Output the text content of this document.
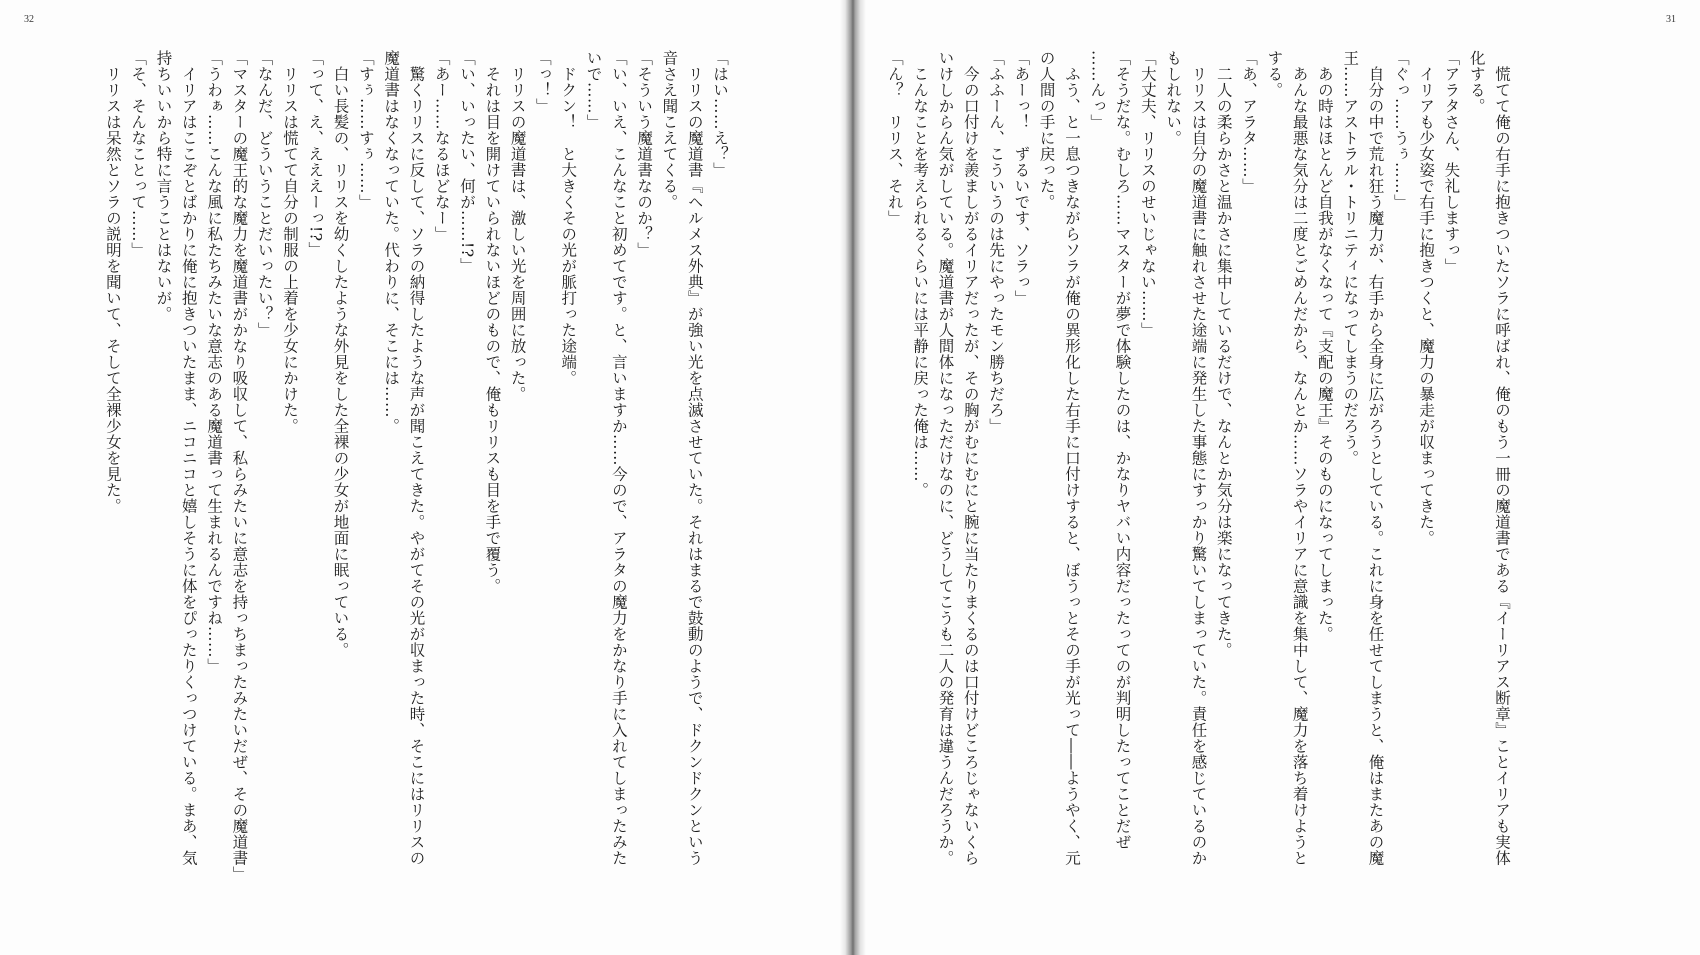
32
「はい……え？」
　リリスの魔道書『ヘルメス外典』が強い光を点滅させていた。それはまるで鼓動のようで、ドクンドクンという
音さえ聞こえてくる。
「そういう魔道書なのか？」
「い、いえ、こんなこと初めてです。と、言いますか……今ので、アラタの魔力をかなり手に入れてしまったみた
いで……」
　ドクン！　と大きくその光が脈打った途端。
「っ！」
　リリスの魔道書は、激しい光を周囲に放った。
　それは目を開けていられないほどのもので、俺もリリスも目を手で覆う。
「い、いったい、何が……!?」
「あー……なるほどなー」
　驚くリリスに反して、ソラの納得したような声が聞こえてきた。やがてその光が収まった時、そこにはリリスの
魔道書はなくなっていた。代わりに、そこには……。
「すぅ……すぅ……」
　白い長髪の、リリスを幼くしたような外見をした全裸の少女が地面に眠っている。
「って、え、えええーっ!?」
　リリスは慌てて自分の制服の上着を少女にかけた。
「なんだ、どういうことだいったい？」
「マスターの魔王的な魔力を魔道書がかなり吸収して、私らみたいに意志を持っちまったみたいだぜ、その魔道書」
「うわぁ……こんな風に私たちみたいな意志のある魔道書って生まれるんですね……」
　イリアはここぞとばかりに俺に抱きついたまま、ニコニコと嬉しそうに体をぴったりくっつけている。まあ、気
持ちいいから特に言うことはないが。
「そ、そんなことって……」
　リリスは呆然とソラの説明を聞いて、そして全裸少女を見た。
31
　慌てて俺の右手に抱きついたソラに呼ばれ、俺のもう一冊の魔道書である『イーリアス断章』ことイリアも実体
化する。
「アラタさん、失礼しますっ」
　イリアも少女姿で右手に抱きつくと、魔力の暴走が収まってきた。
「ぐっ……うぅ……」
　自分の中で荒れ狂う魔力が、右手から全身に広がろうとしている。これに身を任せてしまうと、俺はまたあの魔
王……アストラル・トリニティになってしまうのだろう。
　あの時はほとんど自我がなくなって『支配の魔王』そのものになってしまった。
　あんな最悪な気分は二度とごめんだから、なんとか……ソラやイリアに意識を集中して、魔力を落ち着けようと
する。
「あ、アラタ……」
　二人の柔らかさと温かさに集中しているだけで、なんとか気分は楽になってきた。
　リリスは自分の魔道書に触れさせた途端に発生した事態にすっかり驚いてしまっていた。責任を感じているのか
もしれない。
「大丈夫、リリスのせいじゃない……」
「そうだな。むしろ……マスターが夢で体験したのは、かなりヤバい内容だったってのが判明したってことだぜ
……んっ」
　ふう、と一息つきながらソラが俺の異形化した右手に口付けすると、ぼうっとその手が光って――ようやく、元
の人間の手に戻った。
「あーっ！　ずるいです、ソラっ」
「ふふーん、こういうのは先にやったモン勝ちだろ」
　今の口付けを羨ましがるイリアだったが、その胸がむにむにと腕に当たりまくるのは口付けどころじゃないくら
いけしからん気がしている。魔道書が人間体になっただけなのに、どうしてこうも二人の発育は違うんだろうか。
　こんなことを考えられるくらいには平静に戻った俺は……。
「ん？　リリス、それ」
